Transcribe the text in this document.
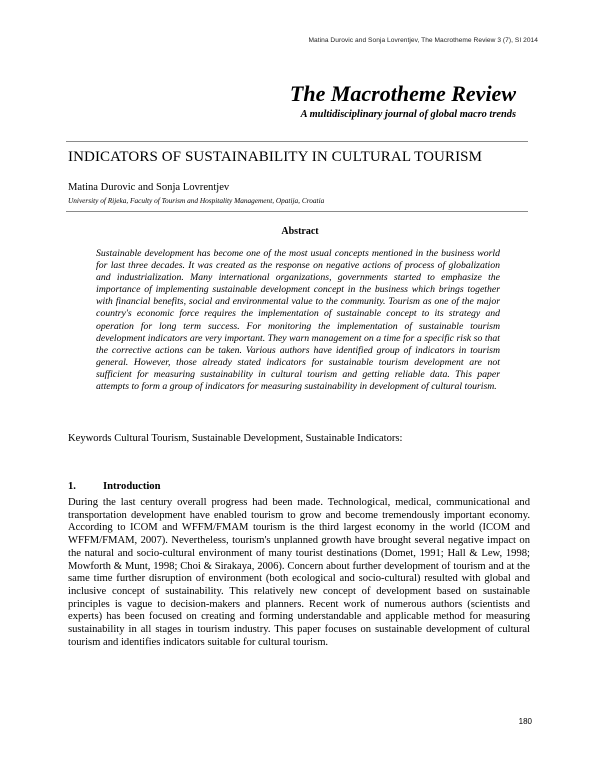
Matina Durovic and Sonja Lovrentjev, The Macrotheme Review 3 (7), SI 2014
The Macrotheme Review
A multidisciplinary journal of global macro trends
INDICATORS OF SUSTAINABILITY IN CULTURAL TOURISM
Matina Durovic and Sonja Lovrentjev
University of Rijeka, Faculty of Tourism and Hospitality Management, Opatija, Croatia
Abstract

Sustainable development has become one of the most usual concepts mentioned in the business world for last three decades. It was created as the response on negative actions of process of globalization and industrialization. Many international organizations, governments started to emphasize the importance of implementing sustainable development concept in the business which brings together with financial benefits, social and environmental value to the community. Tourism as one of the major country's economic force requires the implementation of sustainable concept to its strategy and operation for long term success. For monitoring the implementation of sustainable tourism development indicators are very important. They warn management on a time for a specific risk so that the corrective actions can be taken. Various authors have identified group of indicators in tourism general. However, those already stated indicators for sustainable tourism development are not sufficient for measuring sustainability in cultural tourism and getting reliable data. This paper attempts to form a group of indicators for measuring sustainability in development of cultural tourism.

Keywords Cultural Tourism, Sustainable Development, Sustainable Indicators:
1.	Introduction

During the last century overall progress had been made. Technological, medical, communicational and transportation development have enabled tourism to grow and become tremendously important economy. According to ICOM and WFFM/FMAM tourism is the third largest economy in the world (ICOM and WFFM/FMAM, 2007). Nevertheless, tourism's unplanned growth have brought several negative impact on the natural and socio-cultural environment of many tourist destinations (Domet, 1991; Hall & Lew, 1998; Mowforth & Munt, 1998; Choi & Sirakaya, 2006). Concern about further development of tourism and at the same time further disruption of environment (both ecological and socio-cultural) resulted with global and inclusive concept of sustainability. This relatively new concept of development based on sustainable principles is vague to decision-makers and planners. Recent work of numerous authors (scientists and experts) has been focused on creating and forming understandable and applicable method for measuring sustainability in all stages in tourism industry. This paper focuses on sustainable development of cultural tourism and identifies indicators suitable for cultural tourism.

180
